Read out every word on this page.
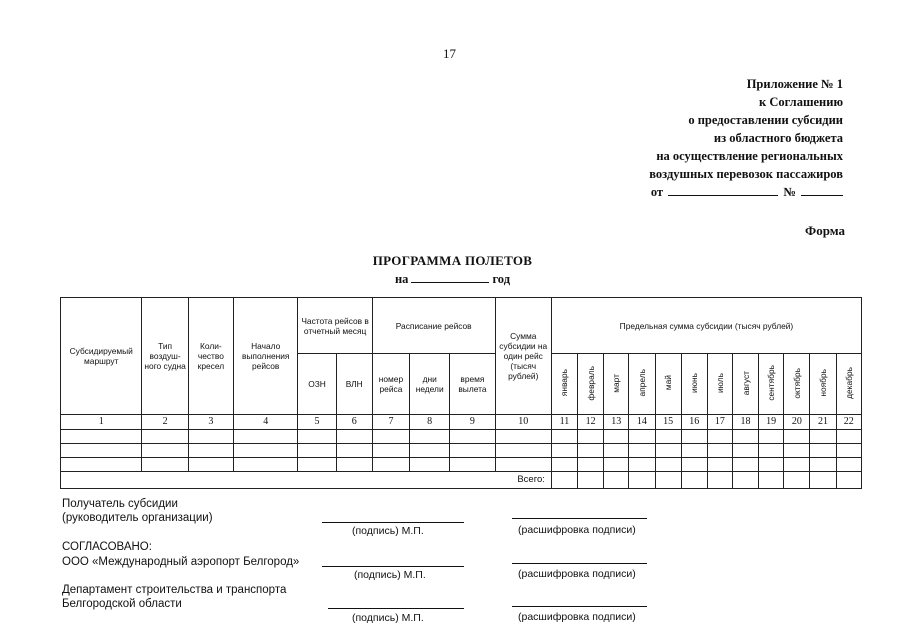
17
Приложение № 1
к Соглашению
о предоставлении субсидии
из областного бюджета
на осуществление региональных
воздушных перевозок пассажиров
от	№
Форма
ПРОГРАММА ПОЛЕТОВ
на	год
Субсидируемый маршрут	Тип воздуш-ного судна	Коли-чество кресел	Начало выполнения рейсов	Частота рейсов в отчетный месяц		Расписание рейсов			Сумма субсидии на один рейс (тысяч рублей)	Предельная сумма субсидии (тысяч рублей)											
				ОЗН	ВЛН	номер рейса	дни недели	время вылета		январь	февраль	март	апрель	май	июнь	июль	август	сентябрь	октябрь	ноябрь	декабрь
1	2	3	4	5	6	7	8	9	10	11	12	13	14	15	16	17	18	19	20	21	22

Всего:																					
Получатель субсидии
(руководитель организации)
(подпись) М.П.	(расшифровка подписи)
СОГЛАСОВАНО:
ООО «Международный аэропорт Белгород»
(подпись) М.П.	(расшифровка подписи)
Департамент строительства и транспорта
Белгородской области
(подпись) М.П.	(расшифровка подписи)
